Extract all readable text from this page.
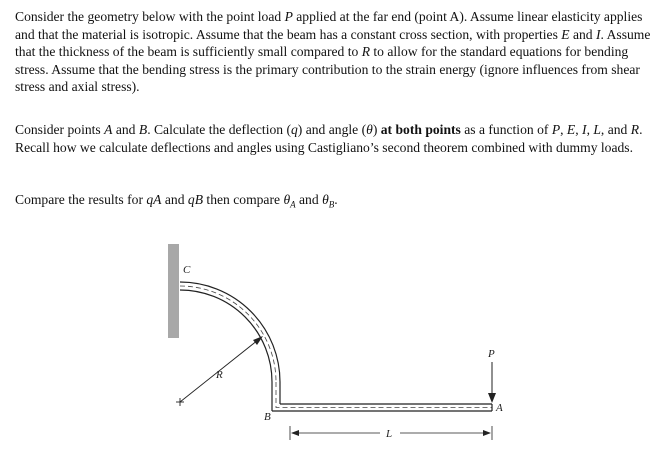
Consider the geometry below with the point load P applied at the far end (point A). Assume linear elasticity applies and that the material is isotropic. Assume that the beam has a constant cross section, with properties E and I. Assume that the thickness of the beam is sufficiently small compared to R to allow for the standard equations for bending stress. Assume that the bending stress is the primary contribution to the strain energy (ignore influences from shear stress and axial stress).

Consider points A and B. Calculate the deflection (q) and angle (θ) at both points as a function of P, E, I, L, and R. Recall how we calculate deflections and angles using Castigliano’s second theorem combined with dummy loads.

Compare the results for qA and qB then compare $\theta_A$ and $\theta_B$.

C
R
B
P
A
L
